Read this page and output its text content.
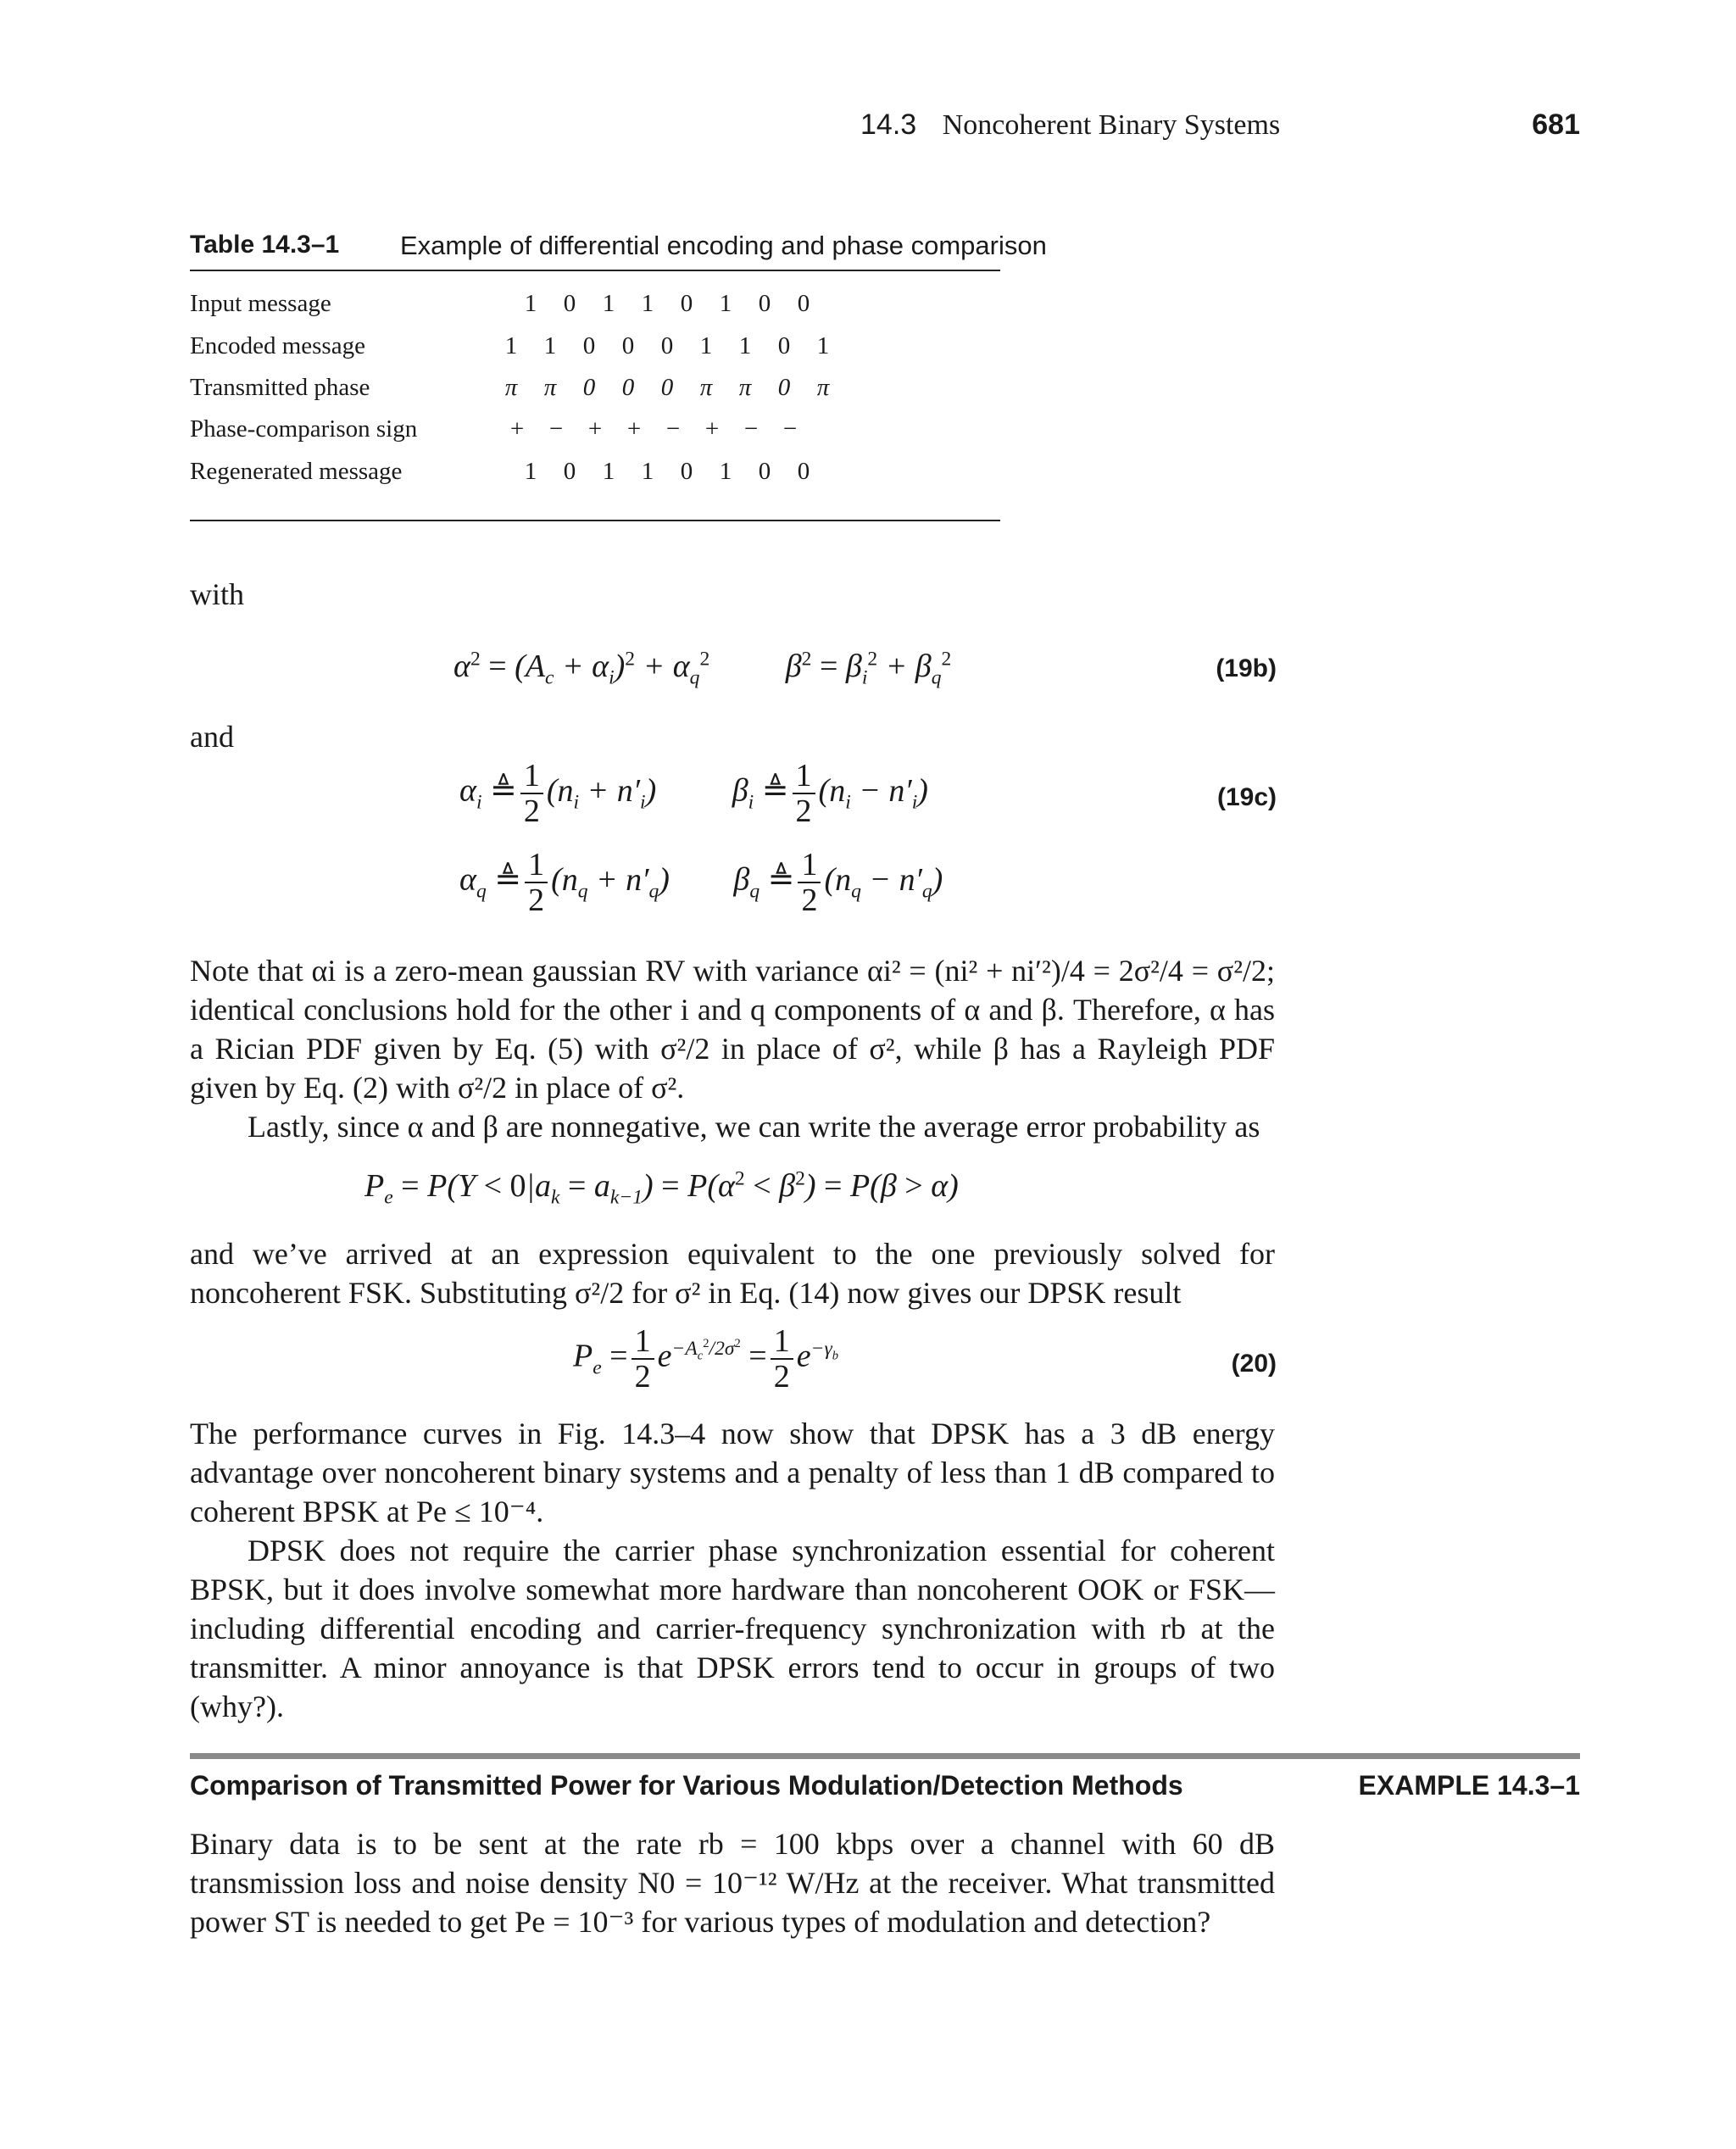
14.3 Noncoherent Binary Systems	681
Table 14.3–1 Example of differential encoding and phase comparison
Input message	1	0	1	1	0	1	0	0
Encoded message	1	1	0	0	0	1	1	0	1
Transmitted phase	π	π	0	0	0	π	π	0	π
Phase-comparison sign	+	−	+	+	−	+	−	−
Regenerated message	1	0	1	1	0	1	0	0
with
$\alpha^2 = (A_c + \alpha_i)^2 + \alpha_q^2$ $\beta^2 = \beta_i^2 + \beta_q^2$	(19b)
and
$\alpha_i$ ≜ $\frac{1}{2} (n_i + n'_i)$ $\beta_i$ ≜ $\frac{1}{2} (n_i - n'_i)$	(19c)
$\alpha_q$ ≜ $\frac{1}{2} (n_q + n'_q)$ $\beta_q$ ≜ $\frac{1}{2} (n_q - n'_q)$
Note that αi is a zero-mean gaussian RV with variance αi² = (ni² + ni′²)/4 = 2σ²/4 = σ²/2; identical conclusions hold for the other i and q components of α and β. Therefore, α has a Rician PDF given by Eq. (5) with σ²/2 in place of σ², while β has a Rayleigh PDF given by Eq. (2) with σ²/2 in place of σ².
Lastly, since α and β are nonnegative, we can write the average error probability as
$P_e = P(Y < 0|a_k = a_{k-1}) = P(\alpha^2 < \beta^2) = P(\beta > \alpha)$
and we’ve arrived at an expression equivalent to the one previously solved for noncoherent FSK. Substituting σ²/2 for σ² in Eq. (14) now gives our DPSK result
$P_e = \frac{1}{2} e^{-A_c^2/2\sigma^2} = \frac{1}{2} e^{-\gamma_b}$	(20)
The performance curves in Fig. 14.3–4 now show that DPSK has a 3 dB energy advantage over noncoherent binary systems and a penalty of less than 1 dB compared to coherent BPSK at Pe ≤ 10⁻⁴.
DPSK does not require the carrier phase synchronization essential for coherent BPSK, but it does involve somewhat more hardware than noncoherent OOK or FSK—including differential encoding and carrier-frequency synchronization with rb at the transmitter. A minor annoyance is that DPSK errors tend to occur in groups of two (why?).
Comparison of Transmitted Power for Various Modulation/Detection Methods	EXAMPLE 14.3–1
Binary data is to be sent at the rate rb = 100 kbps over a channel with 60 dB transmission loss and noise density N0 = 10⁻¹² W/Hz at the receiver. What transmitted power ST is needed to get Pe = 10⁻³ for various types of modulation and detection?
